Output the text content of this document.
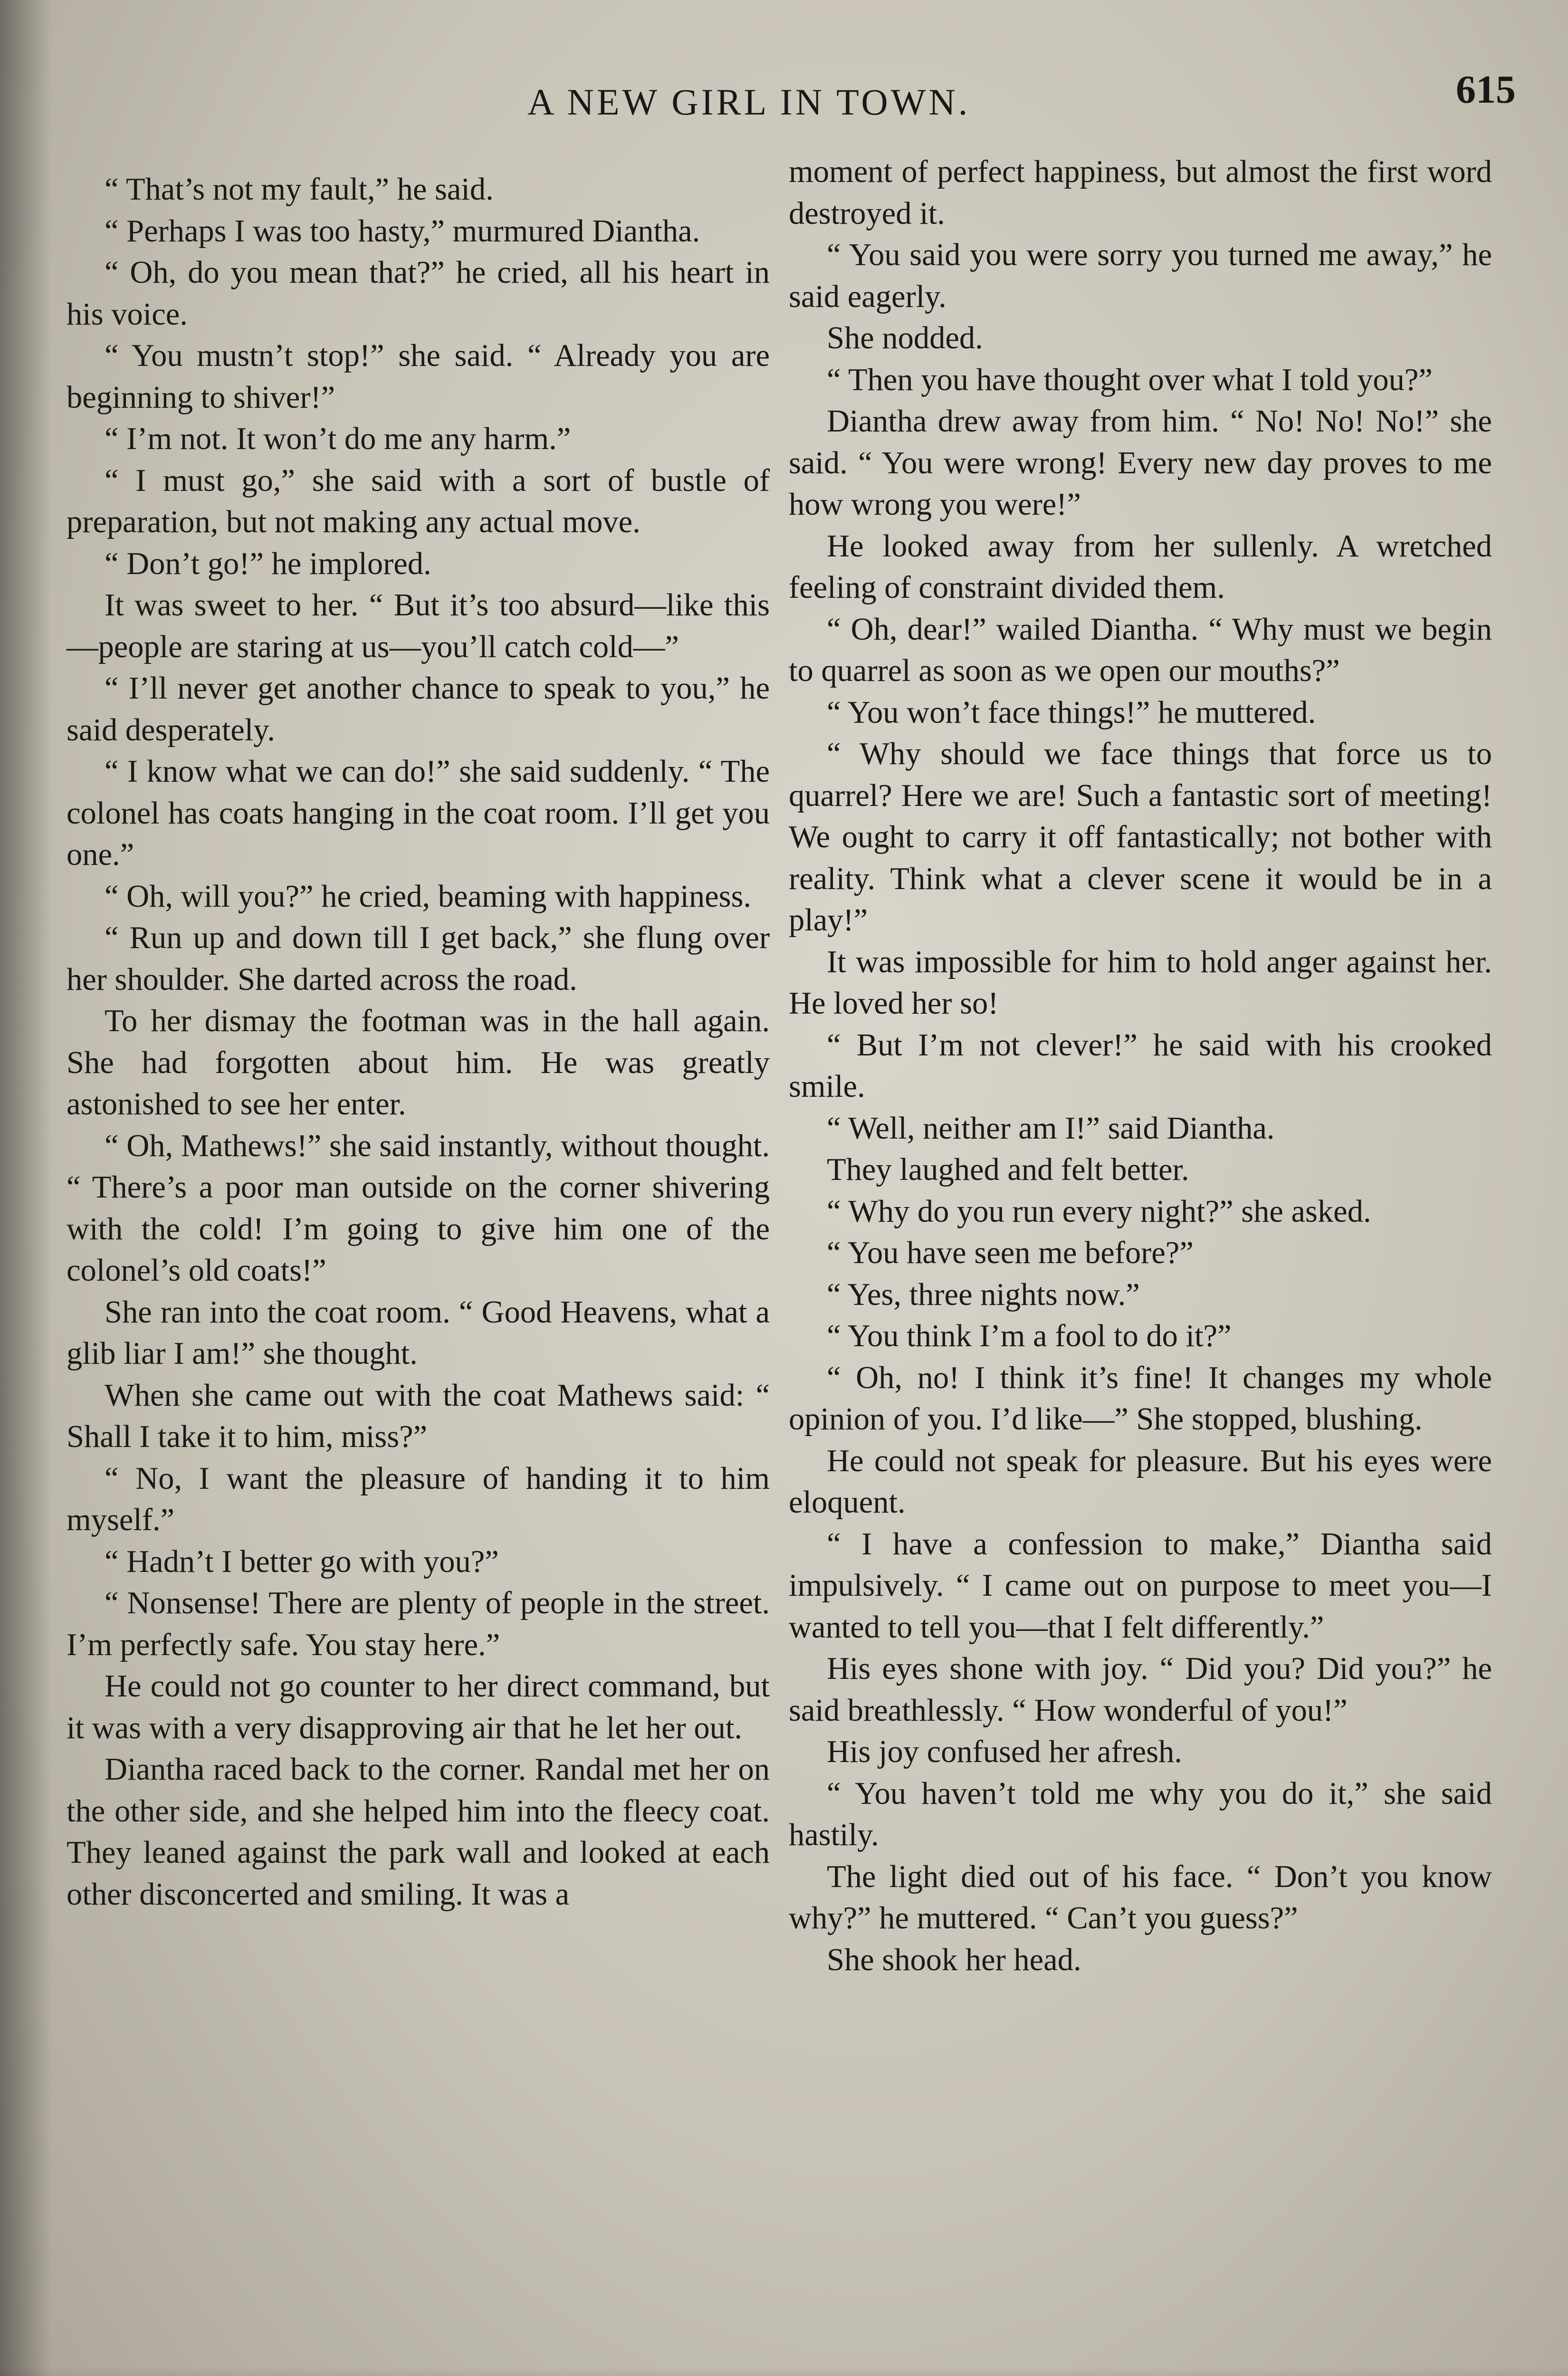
A NEW GIRL IN TOWN.	615

“ That’s not my fault,” he said.

“ Perhaps I was too hasty,” murmured Diantha.

“ Oh, do you mean that?” he cried, all his heart in his voice.

“ You mustn’t stop!” she said. “ Already you are beginning to shiver!”

“ I’m not. It won’t do me any harm.”

“ I must go,” she said with a sort of bustle of preparation, but not making any actual move.

“ Don’t go!” he implored.

It was sweet to her. “ But it’s too absurd—like this—people are staring at us—you’ll catch cold—”

“ I’ll never get another chance to speak to you,” he said desperately.

“ I know what we can do!” she said suddenly. “ The colonel has coats hanging in the coat room. I’ll get you one.”

“ Oh, will you?” he cried, beaming with happiness.

“ Run up and down till I get back,” she flung over her shoulder. She darted across the road.

To her dismay the footman was in the hall again. She had forgotten about him. He was greatly astonished to see her enter.

“ Oh, Mathews!” she said instantly, without thought. “ There’s a poor man outside on the corner shivering with the cold! I’m going to give him one of the colonel’s old coats!”

She ran into the coat room. “ Good Heavens, what a glib liar I am!” she thought.

When she came out with the coat Mathews said: “ Shall I take it to him, miss?”

“ No, I want the pleasure of handing it to him myself.”

“ Hadn’t I better go with you?”

“ Nonsense! There are plenty of people in the street. I’m perfectly safe. You stay here.”

He could not go counter to her direct command, but it was with a very disapproving air that he let her out.

Diantha raced back to the corner. Randal met her on the other side, and she helped him into the fleecy coat. They leaned against the park wall and looked at each other disconcerted and smiling. It was a

moment of perfect happiness, but almost the first word destroyed it.

“ You said you were sorry you turned me away,” he said eagerly.

She nodded.

“ Then you have thought over what I told you?”

Diantha drew away from him. “ No! No! No!” she said. “ You were wrong! Every new day proves to me how wrong you were!”

He looked away from her sullenly. A wretched feeling of constraint divided them.

“ Oh, dear!” wailed Diantha. “ Why must we begin to quarrel as soon as we open our mouths?”

“ You won’t face things!” he muttered.

“ Why should we face things that force us to quarrel? Here we are! Such a fantastic sort of meeting! We ought to carry it off fantastically; not bother with reality. Think what a clever scene it would be in a play!”

It was impossible for him to hold anger against her. He loved her so!

“ But I’m not clever!” he said with his crooked smile.

“ Well, neither am I!” said Diantha.

They laughed and felt better.

“ Why do you run every night?” she asked.

“ You have seen me before?”

“ Yes, three nights now.”

“ You think I’m a fool to do it?”

“ Oh, no! I think it’s fine! It changes my whole opinion of you. I’d like—” She stopped, blushing.

He could not speak for pleasure. But his eyes were eloquent.

“ I have a confession to make,” Diantha said impulsively. “ I came out on purpose to meet you—I wanted to tell you—that I felt differently.”

His eyes shone with joy. “ Did you? Did you?” he said breathlessly. “ How wonderful of you!”

His joy confused her afresh.

“ You haven’t told me why you do it,” she said hastily.

The light died out of his face. “ Don’t you know why?” he muttered. “ Can’t you guess?”

She shook her head.
